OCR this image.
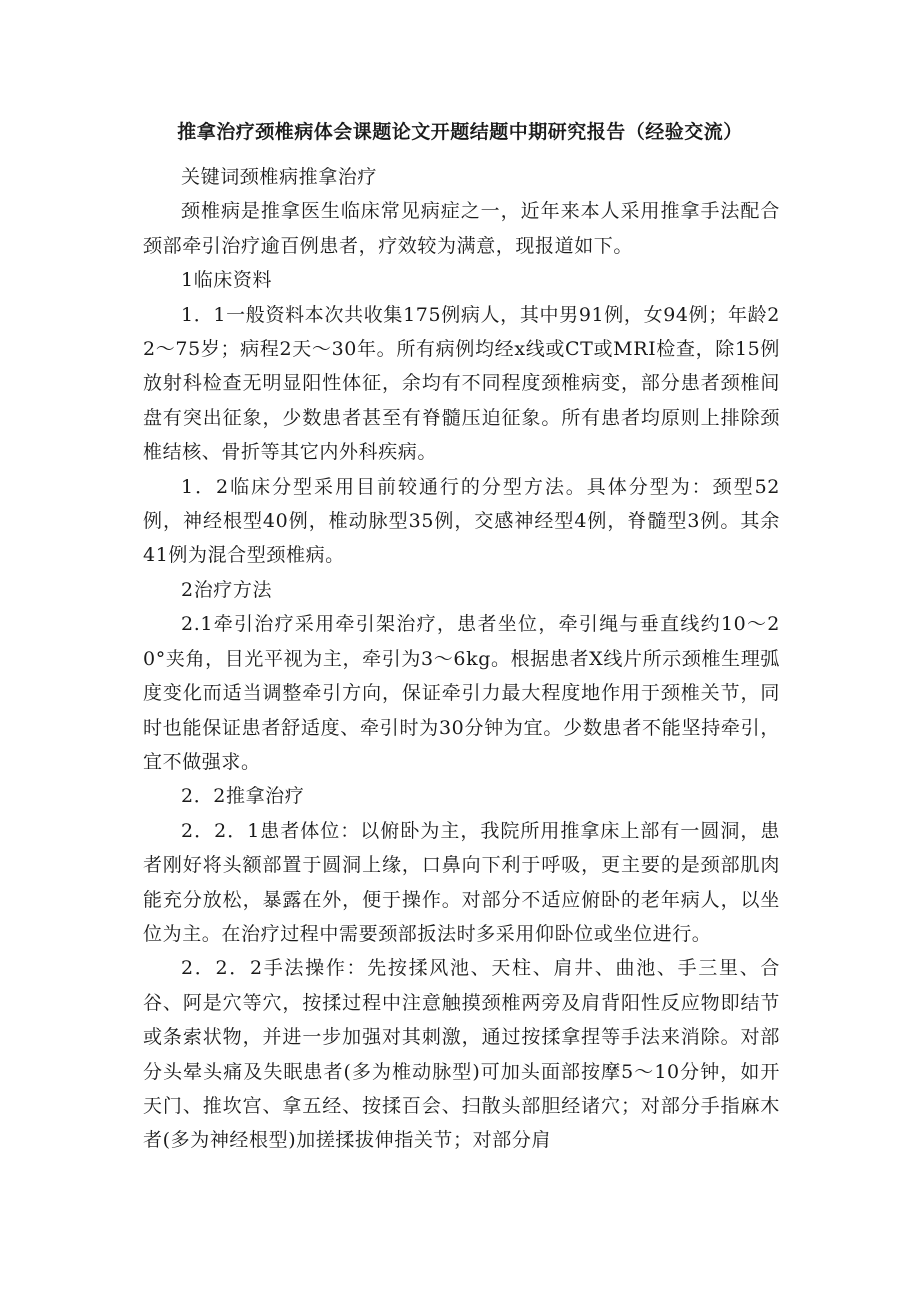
推拿治疗颈椎病体会课题论文开题结题中期研究报告（经验交流）

关键词颈椎病推拿治疗

颈椎病是推拿医生临床常见病症之一，近年来本人采用推拿手法配合颈部牵引治疗逾百例患者，疗效较为满意，现报道如下。

1临床资料

1．1一般资料本次共收集175例病人，其中男91例，女94例；年龄22～75岁；病程2天～30年。所有病例均经x线或CT或MRI检查，除15例放射科检查无明显阳性体征，余均有不同程度颈椎病变，部分患者颈椎间盘有突出征象，少数患者甚至有脊髓压迫征象。所有患者均原则上排除颈椎结核、骨折等其它内外科疾病。

1．2临床分型采用目前较通行的分型方法。具体分型为：颈型52例，神经根型40例，椎动脉型35例，交感神经型4例，脊髓型3例。其余41例为混合型颈椎病。

2治疗方法

2.1牵引治疗采用牵引架治疗，患者坐位，牵引绳与垂直线约10～20°夹角，目光平视为主，牵引为3～6kg。根据患者X线片所示颈椎生理弧度变化而适当调整牵引方向，保证牵引力最大程度地作用于颈椎关节，同时也能保证患者舒适度、牵引时为30分钟为宜。少数患者不能坚持牵引，宜不做强求。

2．2推拿治疗

2．2．1患者体位：以俯卧为主，我院所用推拿床上部有一圆洞，患者刚好将头额部置于圆洞上缘，口鼻向下利于呼吸，更主要的是颈部肌肉能充分放松，暴露在外，便于操作。对部分不适应俯卧的老年病人，以坐位为主。在治疗过程中需要颈部扳法时多采用仰卧位或坐位进行。

2．2．2手法操作：先按揉风池、天柱、肩井、曲池、手三里、合谷、阿是穴等穴，按揉过程中注意触摸颈椎两旁及肩背阳性反应物即结节或条索状物，并进一步加强对其刺激，通过按揉拿捏等手法来消除。对部分头晕头痛及失眠患者(多为椎动脉型)可加头面部按摩5～10分钟，如开天门、推坎宫、拿五经、按揉百会、扫散头部胆经诸穴；对部分手指麻木者(多为神经根型)加搓揉拔伸指关节；对部分肩
